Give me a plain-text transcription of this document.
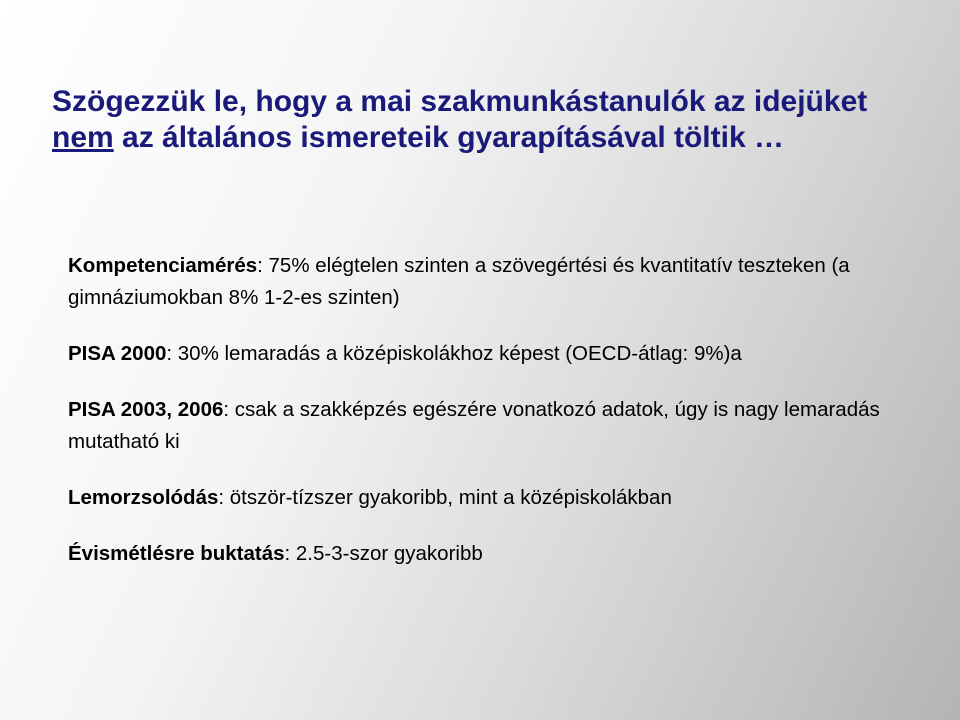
Szögezzük le, hogy a mai szakmunkástanulók az idejüket
nem az általános ismereteik gyarapításával töltik …

Kompetenciamérés: 75% elégtelen szinten a szövegértési és kvantitatív teszteken (a gimnáziumokban 8% 1-2-es szinten)

PISA 2000: 30% lemaradás a középiskolákhoz képest (OECD-átlag: 9%)a

PISA 2003, 2006: csak a szakképzés egészére vonatkozó adatok, úgy is nagy lemaradás mutatható ki

Lemorzsolódás: ötször-tízszer gyakoribb, mint a középiskolákban

Évismétlésre buktatás: 2.5-3-szor gyakoribb
